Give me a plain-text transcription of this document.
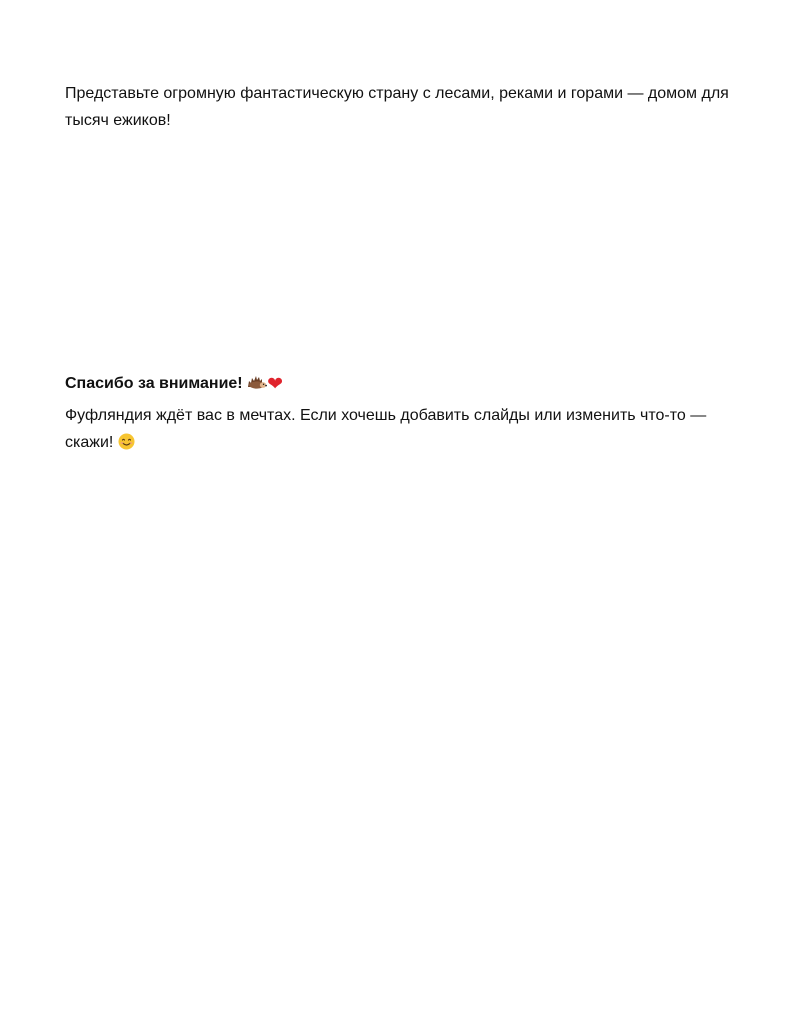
Представьте огромную фантастическую страну с лесами, реками и горами — домом для тысяч ежиков!

Спасибо за внимание! ❤

Фуфляндия ждёт вас в мечтах. Если хочешь добавить слайды или изменить что-то — скажи!
